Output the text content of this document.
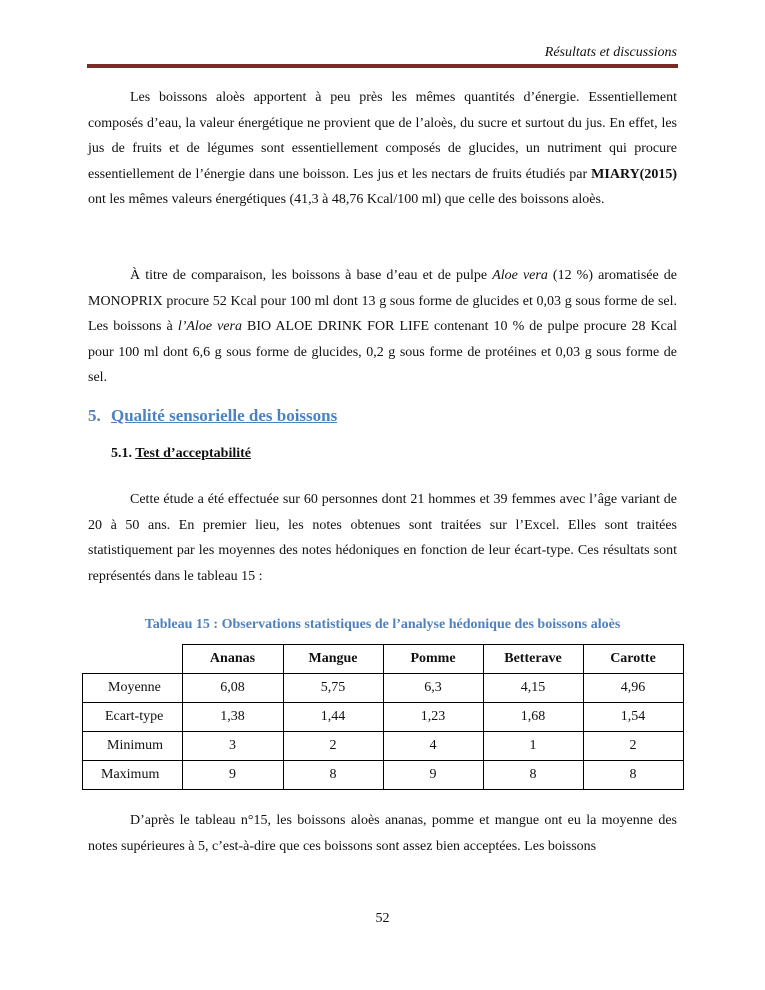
Résultats et discussions

Les boissons aloès apportent à peu près les mêmes quantités d’énergie. Essentiellement composés d’eau, la valeur énergétique ne provient que de l’aloès, du sucre et surtout du jus. En effet, les jus de fruits et de légumes sont essentiellement composés de glucides, un nutriment qui procure essentiellement de l’énergie dans une boisson. Les jus et les nectars de fruits étudiés par MIARY(2015) ont les mêmes valeurs énergétiques (41,3 à 48,76 Kcal/100 ml) que celle des boissons aloès.

À titre de comparaison, les boissons à base d’eau et de pulpe Aloe vera (12 %) aromatisée de MONOPRIX procure 52 Kcal pour 100 ml dont 13 g sous forme de glucides et 0,03 g sous forme de sel. Les boissons à l’Aloe vera BIO ALOE DRINK FOR LIFE contenant 10 % de pulpe procure 28 Kcal pour 100 ml dont 6,6 g sous forme de glucides, 0,2 g sous forme de protéines et 0,03 g sous forme de sel.

5. Qualité sensorielle des boissons
5.1. Test d’acceptabilité

Cette étude a été effectuée sur 60 personnes dont 21 hommes et 39 femmes avec l’âge variant de 20 à 50 ans. En premier lieu, les notes obtenues sont traitées sur l’Excel. Elles sont traitées statistiquement par les moyennes des notes hédoniques en fonction de leur écart-type. Ces résultats sont représentés dans le tableau 15 :

Tableau 15 : Observations statistiques de l’analyse hédonique des boissons aloès
	Ananas	Mangue	Pomme	Betterave	Carotte
Moyenne	6,08	5,75	6,3	4,15	4,96
Ecart-type	1,38	1,44	1,23	1,68	1,54
Minimum	3	2	4	1	2
Maximum	9	8	9	8	8

D’après le tableau n°15, les boissons aloès ananas, pomme et mangue ont eu la moyenne des notes supérieures à 5, c’est-à-dire que ces boissons sont assez bien acceptées. Les boissons

52
